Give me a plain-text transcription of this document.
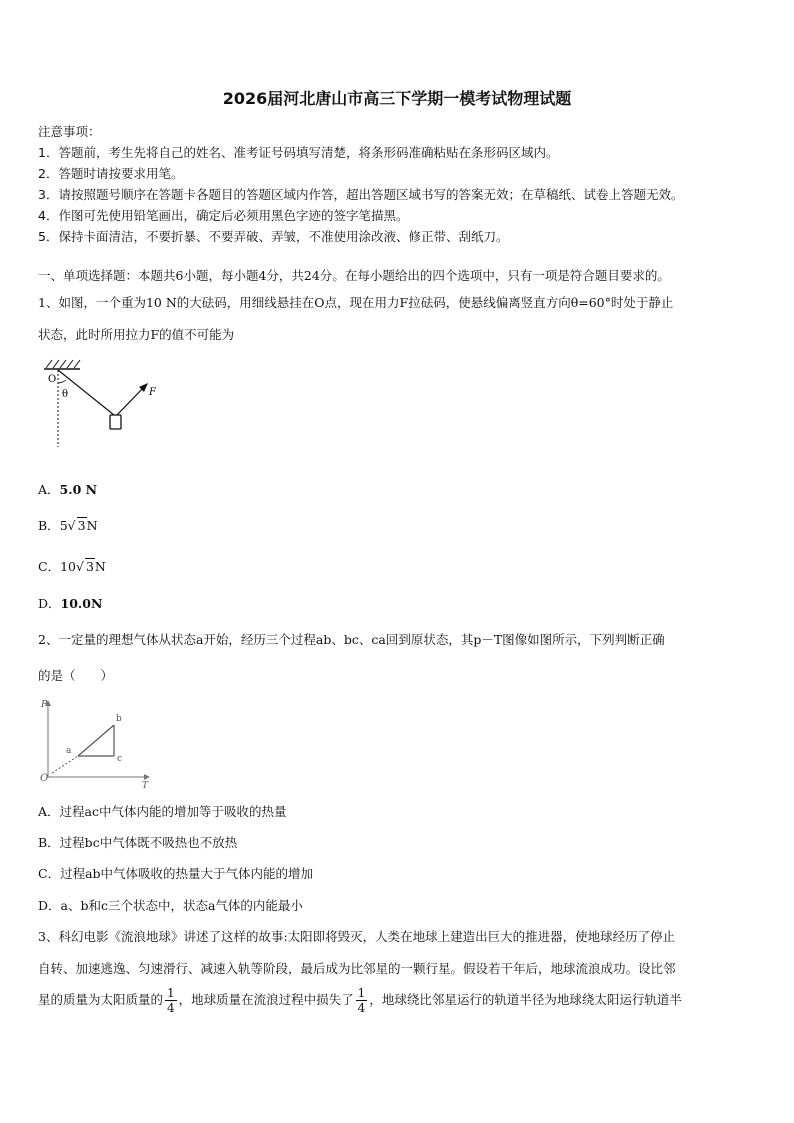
2026届河北唐山市高三下学期一模考试物理试题
注意事项：
1．答题前，考生先将自己的姓名、准考证号码填写清楚，将条形码准确粘贴在条形码区域内。
2．答题时请按要求用笔。
3．请按照题号顺序在答题卡各题目的答题区域内作答，超出答题区域书写的答案无效；在草稿纸、试卷上答题无效。
4．作图可先使用铅笔画出，确定后必须用黑色字迹的签字笔描黑。
5．保持卡面清洁，不要折暴、不要弄破、弄皱，不准使用涂改液、修正带、刮纸刀。
一、单项选择题：本题共6小题，每小题4分，共24分。在每小题给出的四个选项中，只有一项是符合题目要求的。
1、如图，一个重为10 N的大砝码，用细线悬挂在O点，现在用力F拉砝码，使悬线偏离竖直方向θ=60°时处于静止
状态，此时所用拉力F的值不可能为
O
θ	F
A．5.0 N
B．5√ 3N
C．10√ 3N
D．10.0N
2、一定量的理想气体从状态a开始，经历三个过程ab、bc、ca回到原状态，其p－T图像如图所示，下列判断正确
的是（　　）
P
T
O
a
b
c
A．过程ac中气体内能的增加等于吸收的热量
B．过程bc中气体既不吸热也不放热
C．过程ab中气体吸收的热量大于气体内能的增加
D．a、b和c三个状态中，状态a气体的内能最小
3、科幻电影《流浪地球》讲述了这样的故事:太阳即将毁灭，人类在地球上建造出巨大的推进器，使地球经历了停止
自转、加速逃逸、匀速滑行、减速入轨等阶段，最后成为比邻星的一颗行星。假设若干年后，地球流浪成功。设比邻
星的质量为太阳质量的 $\frac{1}{4}$ ，地球质量在流浪过程中损失了 $\frac{1}{4}$ ，地球绕比邻星运行的轨道半径为地球绕太阳运行轨道半
